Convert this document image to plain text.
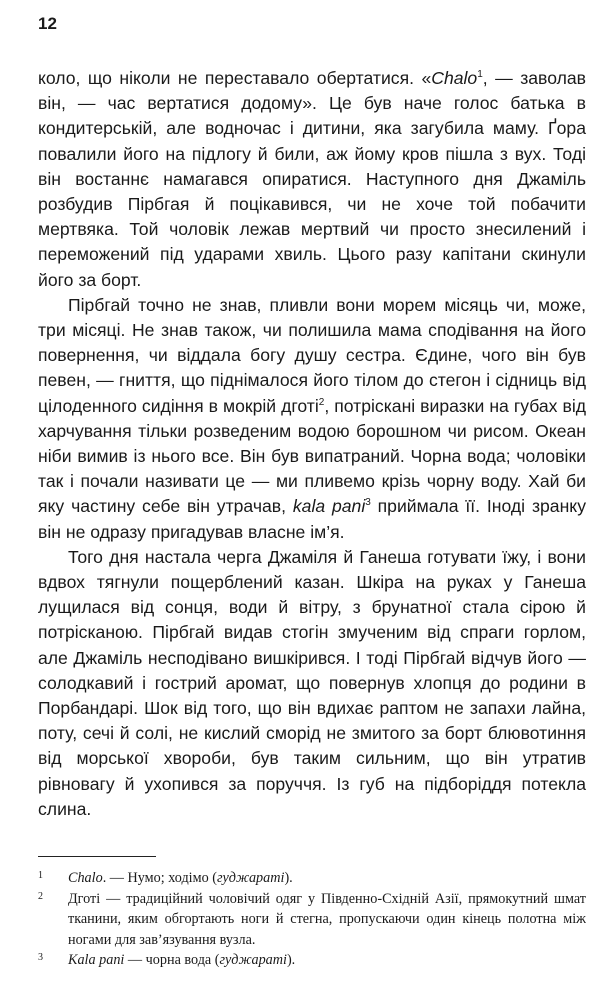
12

коло, що ніколи не переставало обертатися. «Chalo$^1$, — заволав він, — час вертатися додому». Це був наче голос батька в кондитерській, але водночас і дитини, яка загубила маму. Ґора повалили його на підлогу й били, аж йому кров пішла з вух. Тоді він востаннє намагався опиратися. Наступного дня Джаміль розбудив Пірбгая й поцікавився, чи не хоче той побачити мертвяка. Той чоловік лежав мертвий чи просто знесилений і переможений під ударами хвиль. Цього разу капітани скинули його за борт.

Пірбгай точно не знав, пливли вони морем місяць чи, може, три місяці. Не знав також, чи полишила мама сподівання на його повернення, чи віддала богу душу сестра. Єдине, чого він був певен, — гниття, що піднімалося його тілом до стегон і сідниць від цілоденного сидіння в мокрій дготі$^2$, потріскані виразки на губах від харчування тільки розведеним водою борошном чи рисом. Океан ніби вимив із нього все. Він був випатраний. Чорна вода; чоловіки так і почали називати це — ми пливемо крізь чорну воду. Хай би яку частину себе він утрачав, kala pani$^3$ приймала її. Іноді зранку він не одразу пригадував власне ім’я.

Того дня настала черга Джаміля й Ганеша готувати їжу, і вони вдвох тягнули пощерблений казан. Шкіра на руках у Ганеша лущилася від сонця, води й вітру, з брунатної стала сірою й потрісканою. Пірбгай видав стогін змученим від спраги горлом, але Джаміль несподівано вишкірився. І тоді Пірбгай відчув його — солодкавий і гострий аромат, що повернув хлопця до родини в Порбандарі. Шок від того, що він вдихає раптом не запахи лайна, поту, сечі й солі, не кислий сморід не змитого за борт блювотиння від морської хвороби, був таким сильним, що він утратив рівновагу й ухопився за поруччя. Із губ на підборіддя потекла слина.

1	Chalo. — Нумо; ходімо (гуджараті).
2	Дготі — традиційний чоловічий одяг у Південно-Східній Азії, прямокутний шмат тканини, яким обгортають ноги й стегна, пропускаючи один кінець полотна між ногами для зав’язування вузла.
3	Kala pani — чорна вода (гуджараті).
